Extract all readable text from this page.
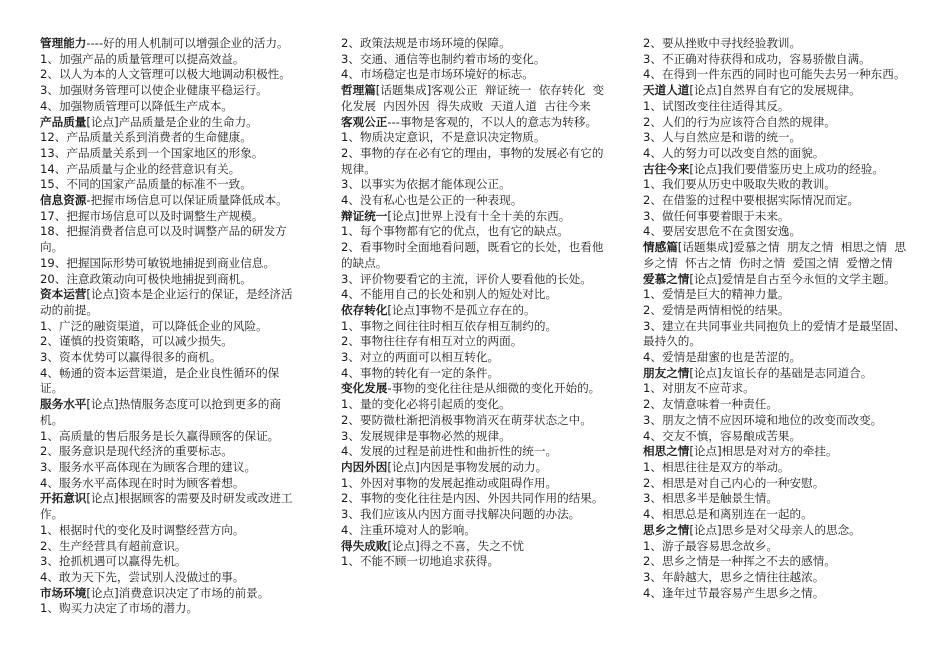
管理能力----好的用人机制可以增强企业的活力。
1、加强产品的质量管理可以提高效益。
2、以人为本的人文管理可以极大地调动积极性。
3、加强财务管理可以使企业健康平稳运行。
4、加强物质管理可以降低生产成本。
产品质量[论点]产品质量是企业的生命力。
12、产品质量关系到消费者的生命健康。
13、产品质量关系到一个国家地区的形象。
14、产品质量与企业的经营意识有关。
15、不同的国家产品质量的标准不一致。
信息资源-把握市场信息可以保证质量降低成本。
17、把握市场信息可以及时调整生产规模。
18、把握消费者信息可以及时调整产品的研发方向。
19、把握国际形势可敏锐地捕捉到商业信息。
20、注意政策动向可极快地捕捉到商机。
资本运营[论点]资本是企业运行的保证，是经济活动的前提。
1、广泛的融资渠道，可以降低企业的风险。
2、谨慎的投资策略，可以减少损失。
3、资本优势可以赢得很多的商机。
4、畅通的资本运营渠道，是企业良性循环的保证。
服务水平[论点]热情服务态度可以抢到更多的商机。
1、高质量的售后服务是长久赢得顾客的保证。
2、服务意识是现代经济的重要标志。
3、服务水平高体现在为顾客合理的建议。
4、服务水平高体现在时时为顾客着想。
开拓意识[论点]根据顾客的需要及时研发或改进工作。
1、根据时代的变化及时调整经营方向。
2、生产经营具有超前意识。
3、抢抓机遇可以赢得先机。
4、敢为天下先，尝试别人没做过的事。
市场环境[论点]消费意识决定了市场的前景。
1、购买力决定了市场的潜力。
2、政策法规是市场环境的保障。
3、交通、通信等也制约着市场的变化。
4、市场稳定也是市场环境好的标志。
哲理篇[话题集成]客观公正  辩证统一  依存转化  变化发展  内因外因  得失成败  天道人道  古往今来
客观公正---事物是客观的，不以人的意志为转移。
1、物质决定意识，不是意识决定物质。
2、事物的存在必有它的理由，事物的发展必有它的规律。
3、以事实为依据才能体现公正。
4、没有私心也是公正的一种表现。
辩证统一[论点]世界上没有十全十美的东西。
1、每个事物都有它的优点，也有它的缺点。
2、看事物时全面地看问题，既看它的长处，也看他的缺点。
3、评价物要看它的主流，评价人要看他的长处。
4、不能用自己的长处和别人的短处对比。
依存转化[论点]事物不是孤立存在的。
1、事物之间往往时相互依存相互制约的。
2、事物往往存有相互对立的两面。
3、对立的两面可以相互转化。
4、事物的转化有一定的条件。
变化发展-事物的变化往往是从细微的变化开始的。
1、量的变化必将引起质的变化。
2、要防微杜渐把消极事物消灭在萌芽状态之中。
3、发展规律是事物必然的规律。
4、发展的过程是前进性和曲折性的统一。
内因外因[论点]内因是事物发展的动力。
1、外因对事物的发展起推动或阻碍作用。
2、事物的变化往往是内因、外因共同作用的结果。
3、我们应该从内因方面寻找解决问题的办法。
4、注重环境对人的影响。
得失成败[论点]得之不喜，失之不忧
1、不能不顾一切地追求获得。
2、要从挫败中寻找经验教训。
3、不正确对待获得和成功，容易骄傲自满。
4、在得到一件东西的同时也可能失去另一种东西。
天道人道[论点]自然界自有它的发展规律。
1、试图改变往往适得其反。
2、人们的行为应该符合自然的规律。
3、人与自然应是和谐的统一。
4、人的努力可以改变自然的面貌。
古往今来[论点]我们要借鉴历史上成功的经验。
1、我们要从历史中吸取失败的教训。
2、在借鉴的过程中要根据实际情况而定。
3、做任何事要着眼于未来。
4、要居安思危不在贪图安逸。
情感篇[话题集成]爱慕之情  朋友之情  相思之情  思乡之情  怀古之情  伤时之情  爱国之情  爱憎之情
爱慕之情[论点]爱情是自古至今永恒的文学主题。
1、爱情是巨大的精神力量。
2、爱情是两情相悦的结果。
3、建立在共同事业共同抱负上的爱情才是最坚固、最持久的。
4、爱情是甜蜜的也是苦涩的。
朋友之情[论点]友谊长存的基础是志同道合。
1、对朋友不应苛求。
2、友情意味着一种责任。
3、朋友之情不应因环境和地位的改变而改变。
4、交友不慎，容易酿成苦果。
相思之情[论点]相思是对对方的牵挂。
1、相思往往是双方的举动。
2、相思是对自己内心的一种安慰。
3、相思多半是触景生情。
4、相思总是和离别连在一起的。
思乡之情[论点]思乡是对父母亲人的思念。
1、游子最容易思念故乡。
2、思乡之情是一种挥之不去的感情。
3、年龄越大，思乡之情往往越浓。
4、逢年过节最容易产生思乡之情。
